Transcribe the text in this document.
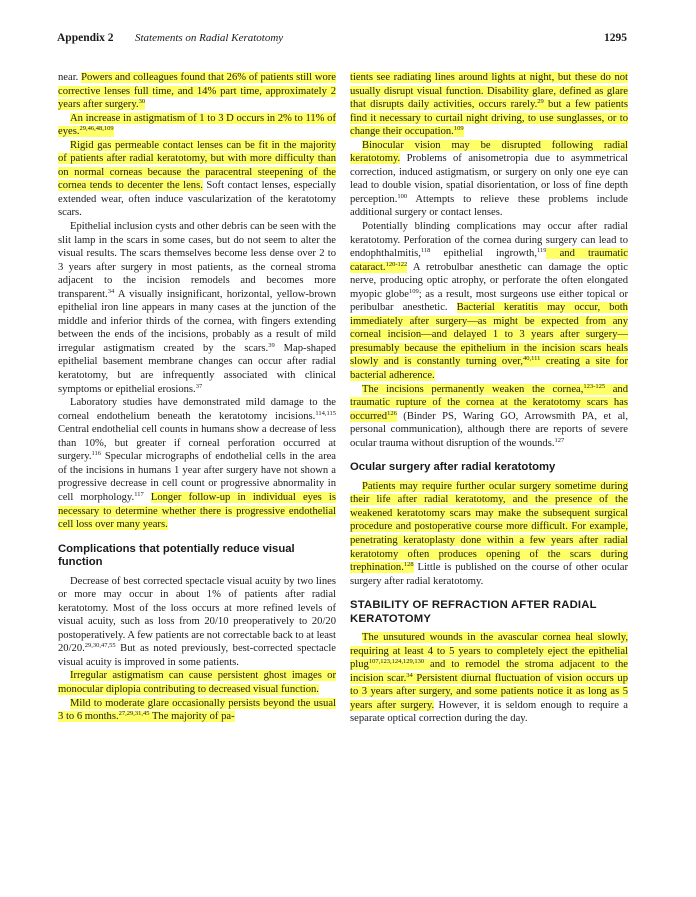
Appendix 2 Statements on Radial Keratotomy	1295

near. Powers and colleagues found that 26% of patients still wore corrective lenses full time, and 14% part time, approximately 2 years after surgery.$^{30}$

An increase in astigmatism of 1 to 3 D occurs in 2% to 11% of eyes.$^{29,46,48,109}$

Rigid gas permeable contact lenses can be fit in the majority of patients after radial keratotomy, but with more difficulty than on normal corneas because the paracentral steepening of the cornea tends to decenter the lens. Soft contact lenses, especially extended wear, often induce vascularization of the keratotomy scars.

Epithelial inclusion cysts and other debris can be seen with the slit lamp in the scars in some cases, but do not seem to alter the visual results. The scars themselves become less dense over 2 to 3 years after surgery in most patients, as the corneal stroma adjacent to the incision remodels and becomes more transparent.$^{34}$ A visually insignificant, horizontal, yellow-brown epithelial iron line appears in many cases at the junction of the middle and inferior thirds of the cornea, with fingers extending between the ends of the incisions, probably as a result of mild irregular astigmatism created by the scars.$^{39}$ Map-shaped epithelial basement membrane changes can occur after radial keratotomy, but are infrequently associated with clinical symptoms or epithelial erosions.$^{37}$

Laboratory studies have demonstrated mild damage to the corneal endothelium beneath the keratotomy incisions.$^{114,115}$ Central endothelial cell counts in humans show a decrease of less than 10%, but greater if corneal perforation occurred at surgery.$^{116}$ Specular micrographs of endothelial cells in the area of the incisions in humans 1 year after surgery have not shown a progressive decrease in cell count or progressive abnormality in cell morphology.$^{117}$ Longer follow-up in individual eyes is necessary to determine whether there is progressive endothelial cell loss over many years.

Complications that potentially reduce visual function

Decrease of best corrected spectacle visual acuity by two lines or more may occur in about 1% of patients after radial keratotomy. Most of the loss occurs at more refined levels of visual acuity, such as loss from 20/10 preoperatively to 20/20 postoperatively. A few patients are not correctable back to at least 20/20.$^{29,30,47,55}$ But as noted previously, best-corrected spectacle visual acuity is improved in some patients.

Irregular astigmatism can cause persistent ghost images or monocular diplopia contributing to decreased visual function.

Mild to moderate glare occasionally persists beyond the usual 3 to 6 months.$^{27,29,31,45}$ The majority of pa-

tients see radiating lines around lights at night, but these do not usually disrupt visual function. Disability glare, defined as glare that disrupts daily activities, occurs rarely.$^{29}$ but a few patients find it necessary to curtail night driving, to use sunglasses, or to change their occupation.$^{109}$

Binocular vision may be disrupted following radial keratotomy. Problems of anisometropia due to asymmetrical correction, induced astigmatism, or surgery on only one eye can lead to double vision, spatial disorientation, or loss of fine depth perception.$^{100}$ Attempts to relieve these problems include additional surgery or contact lenses.

Potentially blinding complications may occur after radial keratotomy. Perforation of the cornea during surgery can lead to endophthalmitis,$^{118}$ epithelial ingrowth,$^{119}$ and traumatic cataract.$^{120-122}$ A retrobulbar anesthetic can damage the optic nerve, producing optic atrophy, or perforate the often elongated myopic globe$^{109}$; as a result, most surgeons use either topical or peribulbar anesthetic. Bacterial keratitis may occur, both immediately after surgery—as might be expected from any corneal incision—and delayed 1 to 3 years after surgery—presumably because the epithelium in the incision scars heals slowly and is constantly turning over,$^{40,111}$ creating a site for bacterial adherence.

The incisions permanently weaken the cornea,$^{123-125}$ and traumatic rupture of the cornea at the keratotomy scars has occurred$^{126}$ (Binder PS, Waring GO, Arrowsmith PA, et al, personal communication), although there are reports of severe ocular trauma without disruption of the wounds.$^{127}$

Ocular surgery after radial keratotomy

Patients may require further ocular surgery sometime during their life after radial keratotomy, and the presence of the weakened keratotomy scars may make the subsequent surgical procedure and postoperative course more difficult. For example, penetrating keratoplasty done within a few years after radial keratotomy often produces opening of the scars during trephination.$^{128}$ Little is published on the course of other ocular surgery after radial keratotomy.

STABILITY OF REFRACTION AFTER RADIAL KERATOTOMY

The unsutured wounds in the avascular cornea heal slowly, requiring at least 4 to 5 years to completely eject the epithelial plug$^{107,123,124,129,130}$ and to remodel the stroma adjacent to the incision scar.$^{34}$ Persistent diurnal fluctuation of vision occurs up to 3 years after surgery, and some patients notice it as long as 5 years after surgery. However, it is seldom enough to require a separate optical correction during the day.
